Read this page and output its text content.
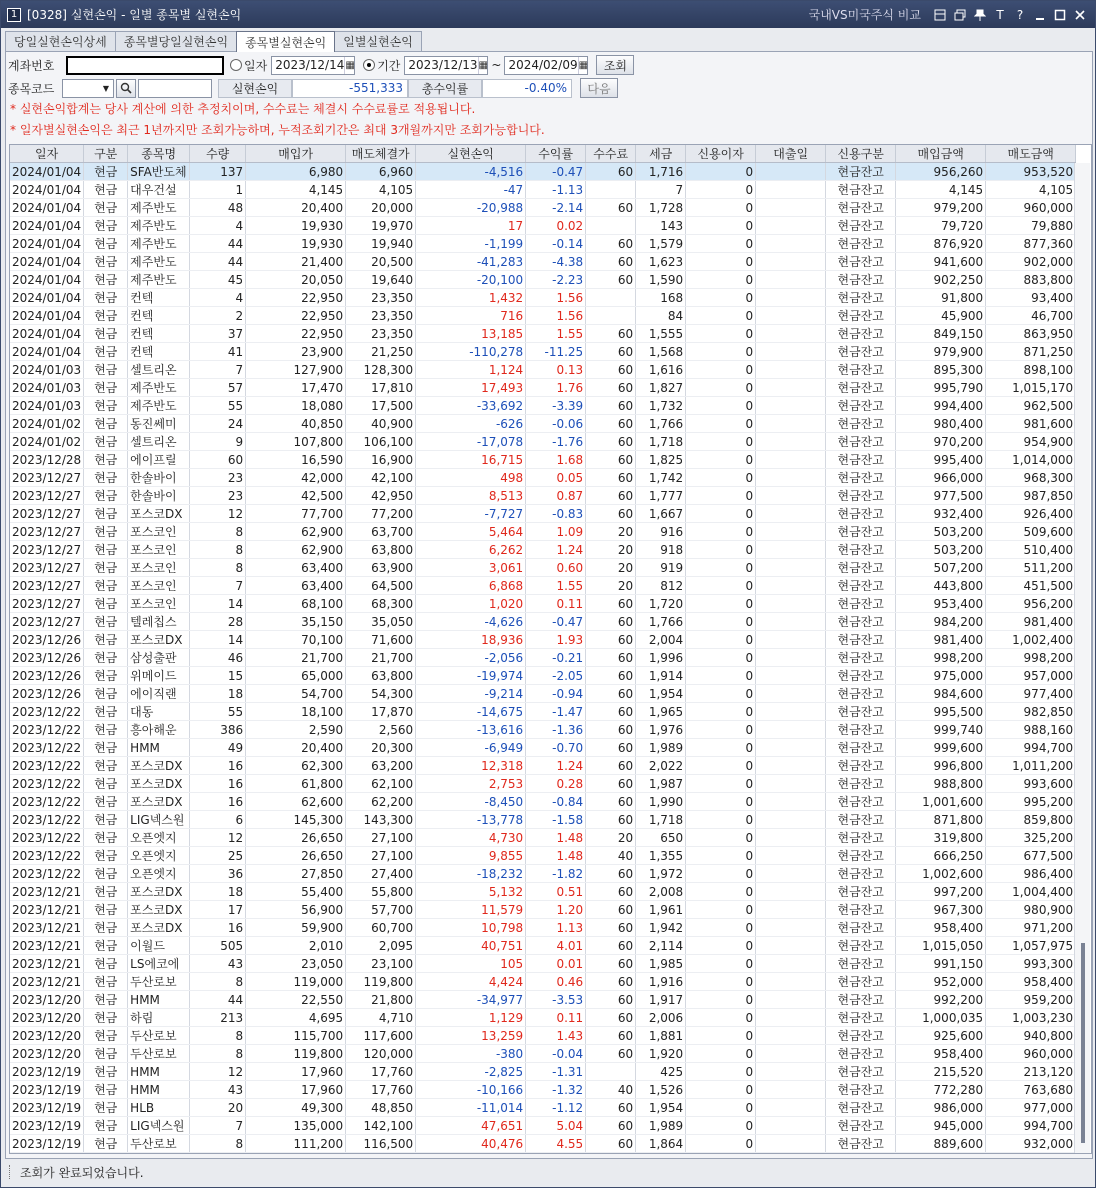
1 [0328] 실현손익 - 일별 종목별 실현손익	국내VS미국주식 비교	T	?
당일실현손익상세	종목별당일실현손익	종목별실현손익	일별실현손익
계좌번호	일자 2023/12/14 ▦ 기간 2023/12/13 ▦ ~ 2024/02/09 ▦	조회
종목코드	▼	실현손익	-551,333	총수익률	-0.40%	다음
* 실현손익합계는 당사 계산에 의한 추정치이며, 수수료는 체결시 수수료률로 적용됩니다.
* 일자별실현손익은 최근 1년까지만 조회가능하며, 누적조회기간은 최대 3개월까지만 조회가능합니다.
일자	구분	종목명	수량	매입가	매도체결가	실현손익	수익률	수수료	세금	신용이자	대출일	신용구분	매입금액	매도금액
2024/01/04	현금	SFA반도체	137	6,980	6,960	-4,516	-0.47	60	1,716	0		현금잔고	956,260	953,520
2024/01/04	현금	대우건설	1	4,145	4,105	-47	-1.13		7	0		현금잔고	4,145	4,105
2024/01/04	현금	제주반도	48	20,400	20,000	-20,988	-2.14	60	1,728	0		현금잔고	979,200	960,000
2024/01/04	현금	제주반도	4	19,930	19,970	17	0.02		143	0		현금잔고	79,720	79,880
2024/01/04	현금	제주반도	44	19,930	19,940	-1,199	-0.14	60	1,579	0		현금잔고	876,920	877,360
2024/01/04	현금	제주반도	44	21,400	20,500	-41,283	-4.38	60	1,623	0		현금잔고	941,600	902,000
2024/01/04	현금	제주반도	45	20,050	19,640	-20,100	-2.23	60	1,590	0		현금잔고	902,250	883,800
2024/01/04	현금	컨텍	4	22,950	23,350	1,432	1.56		168	0		현금잔고	91,800	93,400
2024/01/04	현금	컨텍	2	22,950	23,350	716	1.56		84	0		현금잔고	45,900	46,700
2024/01/04	현금	컨텍	37	22,950	23,350	13,185	1.55	60	1,555	0		현금잔고	849,150	863,950
2024/01/04	현금	컨텍	41	23,900	21,250	-110,278	-11.25	60	1,568	0		현금잔고	979,900	871,250
2024/01/03	현금	셀트리온	7	127,900	128,300	1,124	0.13	60	1,616	0		현금잔고	895,300	898,100
2024/01/03	현금	제주반도	57	17,470	17,810	17,493	1.76	60	1,827	0		현금잔고	995,790	1,015,170
2024/01/03	현금	제주반도	55	18,080	17,500	-33,692	-3.39	60	1,732	0		현금잔고	994,400	962,500
2024/01/02	현금	동진쎄미	24	40,850	40,900	-626	-0.06	60	1,766	0		현금잔고	980,400	981,600
2024/01/02	현금	셀트리온	9	107,800	106,100	-17,078	-1.76	60	1,718	0		현금잔고	970,200	954,900
2023/12/28	현금	에이프릴	60	16,590	16,900	16,715	1.68	60	1,825	0		현금잔고	995,400	1,014,000
2023/12/27	현금	한솔바이	23	42,000	42,100	498	0.05	60	1,742	0		현금잔고	966,000	968,300
2023/12/27	현금	한솔바이	23	42,500	42,950	8,513	0.87	60	1,777	0		현금잔고	977,500	987,850
2023/12/27	현금	포스코DX	12	77,700	77,200	-7,727	-0.83	60	1,667	0		현금잔고	932,400	926,400
2023/12/27	현금	포스코인	8	62,900	63,700	5,464	1.09	20	916	0		현금잔고	503,200	509,600
2023/12/27	현금	포스코인	8	62,900	63,800	6,262	1.24	20	918	0		현금잔고	503,200	510,400
2023/12/27	현금	포스코인	8	63,400	63,900	3,061	0.60	20	919	0		현금잔고	507,200	511,200
2023/12/27	현금	포스코인	7	63,400	64,500	6,868	1.55	20	812	0		현금잔고	443,800	451,500
2023/12/27	현금	포스코인	14	68,100	68,300	1,020	0.11	60	1,720	0		현금잔고	953,400	956,200
2023/12/27	현금	텔레칩스	28	35,150	35,050	-4,626	-0.47	60	1,766	0		현금잔고	984,200	981,400
2023/12/26	현금	포스코DX	14	70,100	71,600	18,936	1.93	60	2,004	0		현금잔고	981,400	1,002,400
2023/12/26	현금	삼성출판	46	21,700	21,700	-2,056	-0.21	60	1,996	0		현금잔고	998,200	998,200
2023/12/26	현금	위메이드	15	65,000	63,800	-19,974	-2.05	60	1,914	0		현금잔고	975,000	957,000
2023/12/26	현금	에이직랜	18	54,700	54,300	-9,214	-0.94	60	1,954	0		현금잔고	984,600	977,400
2023/12/22	현금	대동	55	18,100	17,870	-14,675	-1.47	60	1,965	0		현금잔고	995,500	982,850
2023/12/22	현금	흥아해운	386	2,590	2,560	-13,616	-1.36	60	1,976	0		현금잔고	999,740	988,160
2023/12/22	현금	HMM	49	20,400	20,300	-6,949	-0.70	60	1,989	0		현금잔고	999,600	994,700
2023/12/22	현금	포스코DX	16	62,300	63,200	12,318	1.24	60	2,022	0		현금잔고	996,800	1,011,200
2023/12/22	현금	포스코DX	16	61,800	62,100	2,753	0.28	60	1,987	0		현금잔고	988,800	993,600
2023/12/22	현금	포스코DX	16	62,600	62,200	-8,450	-0.84	60	1,990	0		현금잔고	1,001,600	995,200
2023/12/22	현금	LIG넥스원	6	145,300	143,300	-13,778	-1.58	60	1,718	0		현금잔고	871,800	859,800
2023/12/22	현금	오픈엣지	12	26,650	27,100	4,730	1.48	20	650	0		현금잔고	319,800	325,200
2023/12/22	현금	오픈엣지	25	26,650	27,100	9,855	1.48	40	1,355	0		현금잔고	666,250	677,500
2023/12/22	현금	오픈엣지	36	27,850	27,400	-18,232	-1.82	60	1,972	0		현금잔고	1,002,600	986,400
2023/12/21	현금	포스코DX	18	55,400	55,800	5,132	0.51	60	2,008	0		현금잔고	997,200	1,004,400
2023/12/21	현금	포스코DX	17	56,900	57,700	11,579	1.20	60	1,961	0		현금잔고	967,300	980,900
2023/12/21	현금	포스코DX	16	59,900	60,700	10,798	1.13	60	1,942	0		현금잔고	958,400	971,200
2023/12/21	현금	이월드	505	2,010	2,095	40,751	4.01	60	2,114	0		현금잔고	1,015,050	1,057,975
2023/12/21	현금	LS에코에	43	23,050	23,100	105	0.01	60	1,985	0		현금잔고	991,150	993,300
2023/12/21	현금	두산로보	8	119,000	119,800	4,424	0.46	60	1,916	0		현금잔고	952,000	958,400
2023/12/20	현금	HMM	44	22,550	21,800	-34,977	-3.53	60	1,917	0		현금잔고	992,200	959,200
2023/12/20	현금	하림	213	4,695	4,710	1,129	0.11	60	2,006	0		현금잔고	1,000,035	1,003,230
2023/12/20	현금	두산로보	8	115,700	117,600	13,259	1.43	60	1,881	0		현금잔고	925,600	940,800
2023/12/20	현금	두산로보	8	119,800	120,000	-380	-0.04	60	1,920	0		현금잔고	958,400	960,000
2023/12/19	현금	HMM	12	17,960	17,760	-2,825	-1.31		425	0		현금잔고	215,520	213,120
2023/12/19	현금	HMM	43	17,960	17,760	-10,166	-1.32	40	1,526	0		현금잔고	772,280	763,680
2023/12/19	현금	HLB	20	49,300	48,850	-11,014	-1.12	60	1,954	0		현금잔고	986,000	977,000
2023/12/19	현금	LIG넥스원	7	135,000	142,100	47,651	5.04	60	1,989	0		현금잔고	945,000	994,700
2023/12/19	현금	두산로보	8	111,200	116,500	40,476	4.55	60	1,864	0		현금잔고	889,600	932,000
조회가 완료되었습니다.
